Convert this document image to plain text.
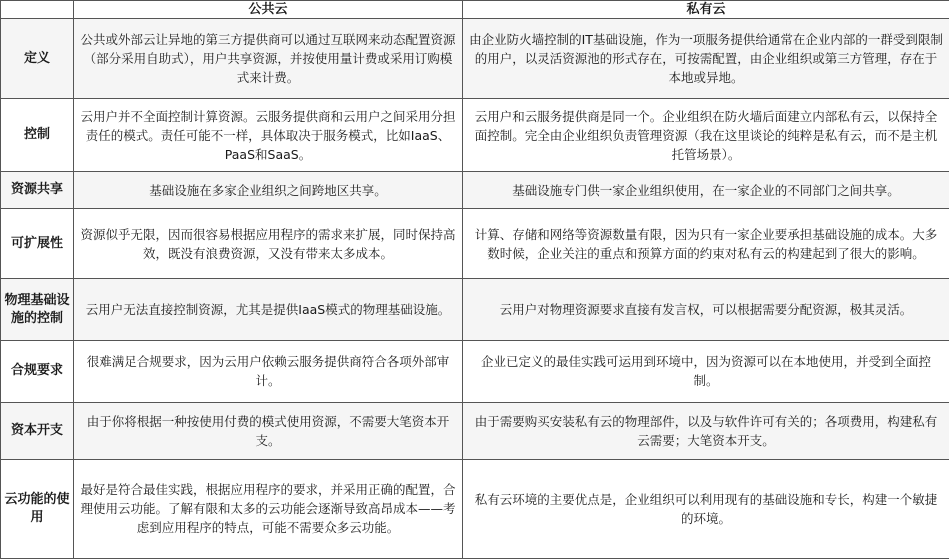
	公共云	私有云
定义	公共或外部云让异地的第三方提供商可以通过互联网来动态配置资源（部分采用自助式），用户共享资源，并按使用量计费或采用订购模式来计费。	由企业防火墙控制的IT基础设施，作为一项服务提供给通常在企业内部的一群受到限制的用户，以灵活资源池的形式存在，可按需配置，由企业组织或第三方管理，存在于本地或异地。
控制	云用户并不全面控制计算资源。云服务提供商和云用户之间采用分担责任的模式。责任可能不一样，具体取决于服务模式，比如IaaS、PaaS和SaaS。	云用户和云服务提供商是同一个。企业组织在防火墙后面建立内部私有云，以保持全面控制。完全由企业组织负责管理资源（我在这里谈论的纯粹是私有云，而不是主机托管场景）。
资源共享	基础设施在多家企业组织之间跨地区共享。	基础设施专门供一家企业组织使用，在一家企业的不同部门之间共享。
可扩展性	资源似乎无限，因而很容易根据应用程序的需求来扩展，同时保持高效，既没有浪费资源，又没有带来太多成本。	计算、存储和网络等资源数量有限，因为只有一家企业要承担基础设施的成本。大多数时候，企业关注的重点和预算方面的约束对私有云的构建起到了很大的影响。
物理基础设施的控制	云用户无法直接控制资源，尤其是提供IaaS模式的物理基础设施。	云用户对物理资源要求直接有发言权，可以根据需要分配资源，极其灵活。
合规要求	很难满足合规要求，因为云用户依赖云服务提供商符合各项外部审计。	企业已定义的最佳实践可运用到环境中，因为资源可以在本地使用，并受到全面控制。
资本开支	由于你将根据一种按使用付费的模式使用资源，不需要大笔资本开支。	由于需要购买安装私有云的物理部件，以及与软件许可有关的；各项费用，构建私有云需要；大笔资本开支。
云功能的使用	最好是符合最佳实践，根据应用程序的要求，并采用正确的配置，合理使用云功能。了解有限和太多的云功能会逐渐导致高昂成本——考虑到应用程序的特点，可能不需要众多云功能。	私有云环境的主要优点是，企业组织可以利用现有的基础设施和专长，构建一个敏捷的环境。
